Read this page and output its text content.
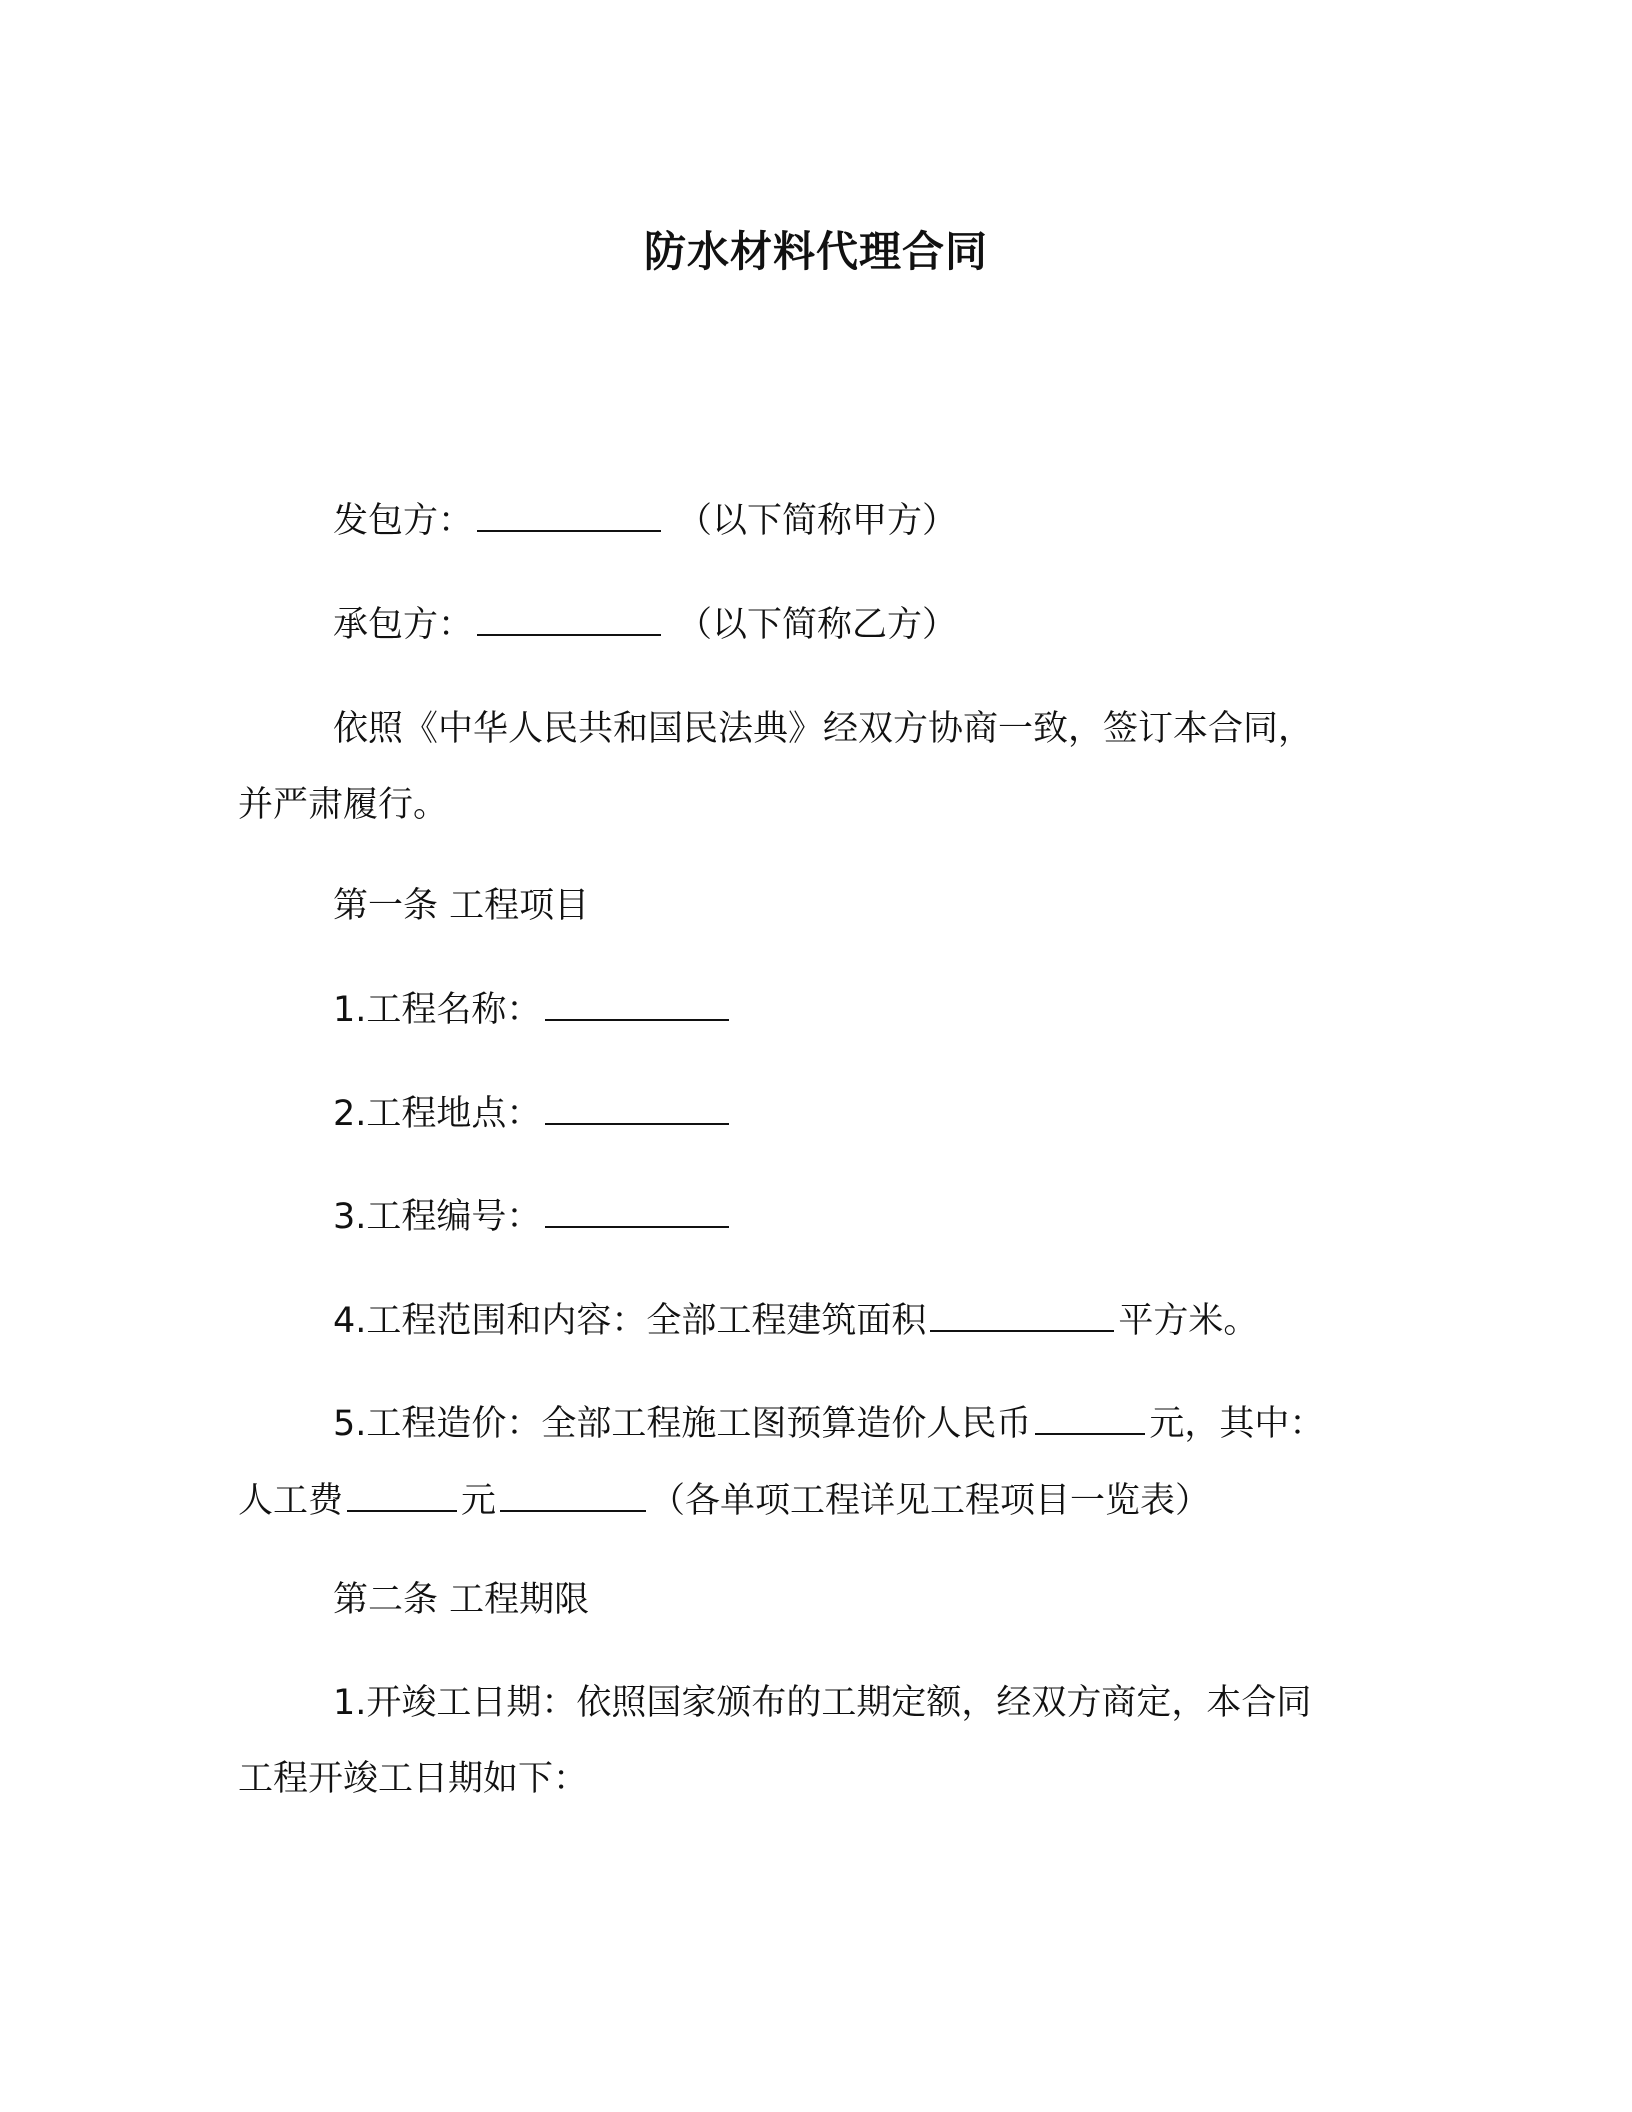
防水材料代理合同
发包方：	（以下简称甲方）
承包方：	（以下简称乙方）
依照《中华人民共和国民法典》经双方协商一致，签订本合同，
并严肃履行。
第一条 工程项目
1.工程名称：
2.工程地点：
3.工程编号：
4.工程范围和内容：全部工程建筑面积	平方米。
5.工程造价：全部工程施工图预算造价人民币	元，其中：
人工费	元	（各单项工程详见工程项目一览表）
第二条 工程期限
1.开竣工日期：依照国家颁布的工期定额，经双方商定，本合同
工程开竣工日期如下：
